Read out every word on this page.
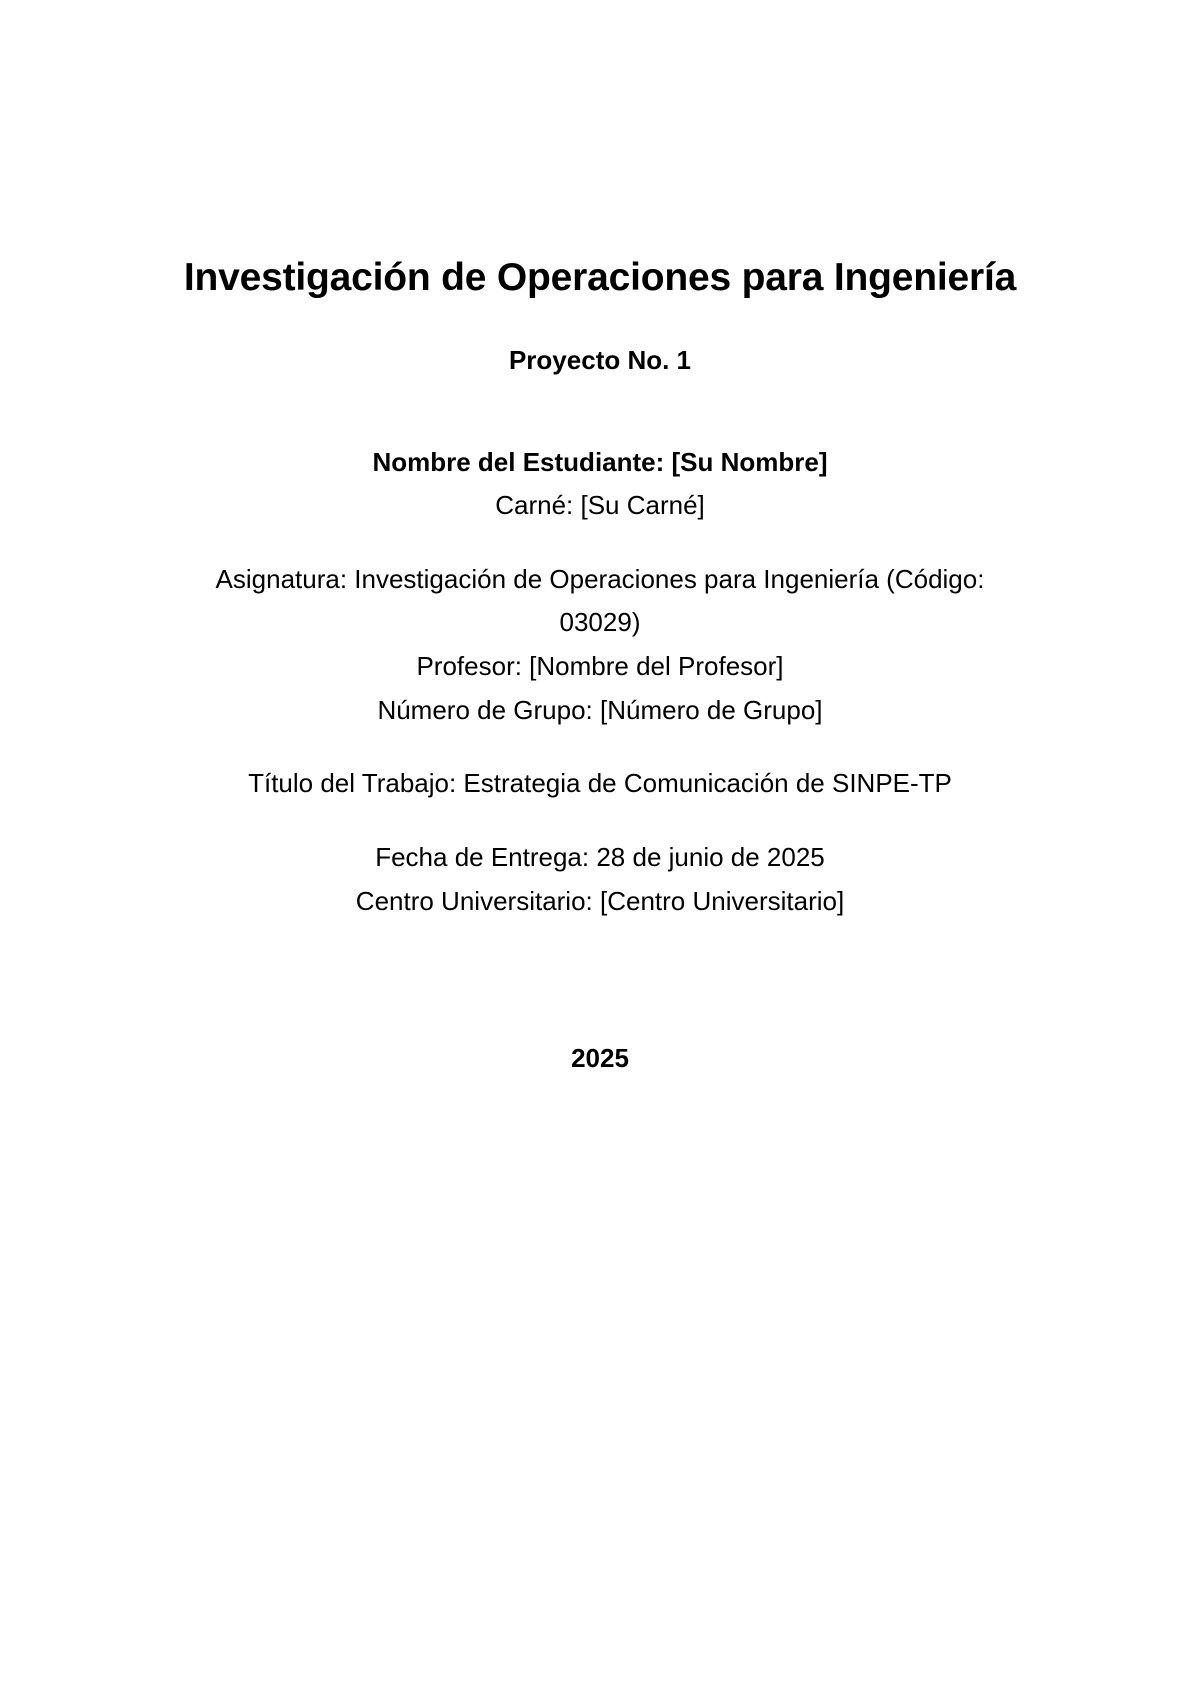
Investigación de Operaciones para Ingeniería

Proyecto No. 1

Nombre del Estudiante: [Su Nombre]

Carné: [Su Carné]

Asignatura: Investigación de Operaciones para Ingeniería (Código:

03029)

Profesor: [Nombre del Profesor]

Número de Grupo: [Número de Grupo]

Título del Trabajo: Estrategia de Comunicación de SINPE-TP

Fecha de Entrega: 28 de junio de 2025

Centro Universitario: [Centro Universitario]

2025
